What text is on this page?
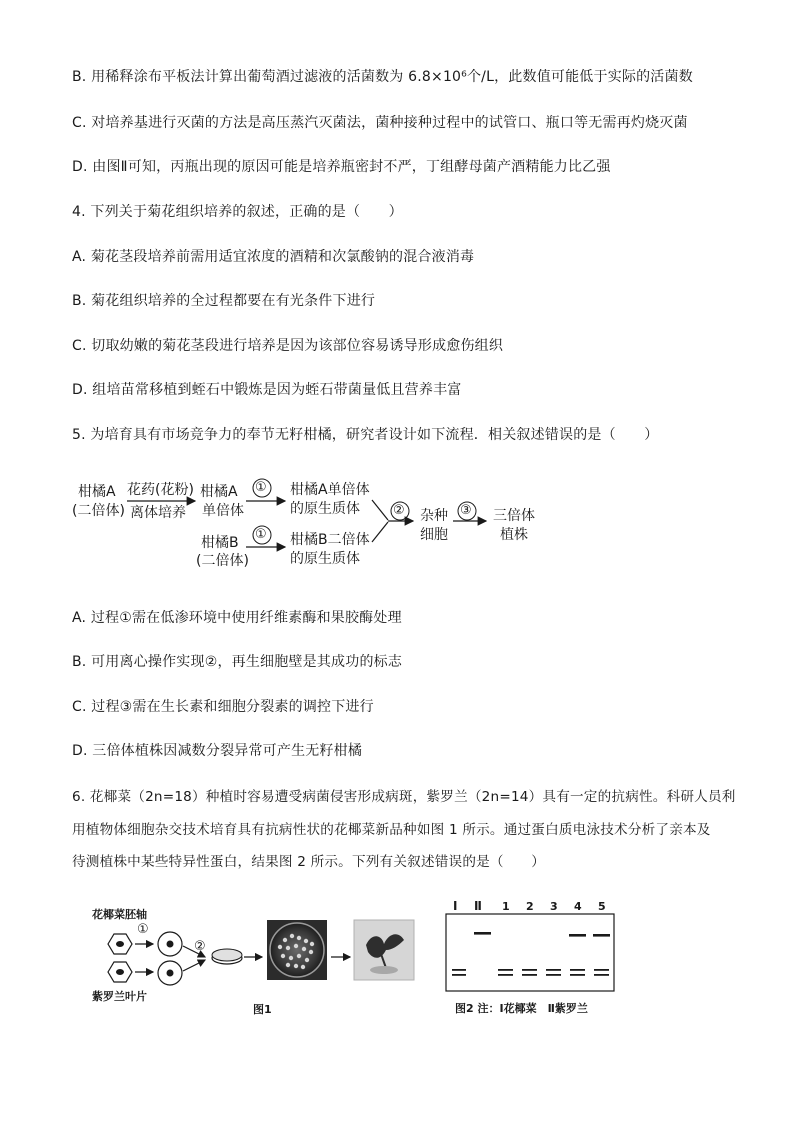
B. 用稀释涂布平板法计算出葡萄酒过滤液的活菌数为 6.8×10⁶个/L，此数值可能低于实际的活菌数
C. 对培养基进行灭菌的方法是高压蒸汽灭菌法，菌种接种过程中的试管口、瓶口等无需再灼烧灭菌
D. 由图Ⅱ可知，丙瓶出现的原因可能是培养瓶密封不严，丁组酵母菌产酒精能力比乙强
4. 下列关于菊花组织培养的叙述，正确的是（　　）
A. 菊花茎段培养前需用适宜浓度的酒精和次氯酸钠的混合液消毒
B. 菊花组织培养的全过程都要在有光条件下进行
C. 切取幼嫩的菊花茎段进行培养是因为该部位容易诱导形成愈伤组织
D. 组培苗常移植到蛭石中锻炼是因为蛭石带菌量低且营养丰富
5. 为培育具有市场竞争力的奉节无籽柑橘，研究者设计如下流程．相关叙述错误的是（　　）
柑橘A
(二倍体)
花药(花粉)
离体培养
柑橘A
单倍体
① 柑橘A单倍体
的原生质体	② 杂种
细胞
③ 三倍体
植株
柑橘B
(二倍体)
① 柑橘B二倍体
的原生质体
A. 过程①需在低渗环境中使用纤维素酶和果胶酶处理
B. 可用离心操作实现②，再生细胞壁是其成功的标志
C. 过程③需在生长素和细胞分裂素的调控下进行
D. 三倍体植株因减数分裂异常可产生无籽柑橘
6. 花椰菜（2n=18）种植时容易遭受病菌侵害形成病斑，紫罗兰（2n=14）具有一定的抗病性。科研人员利
用植物体细胞杂交技术培育具有抗病性状的花椰菜新品种如图 1 所示。通过蛋白质电泳技术分析了亲本及
待测植株中某些特异性蛋白，结果图 2 所示。下列有关叙述错误的是（　　）
花椰菜胚轴
紫罗兰叶片
①
②
图1
Ⅰ Ⅱ 1 2 3 4 5
图2 注：Ⅰ花椰菜　Ⅱ紫罗兰
